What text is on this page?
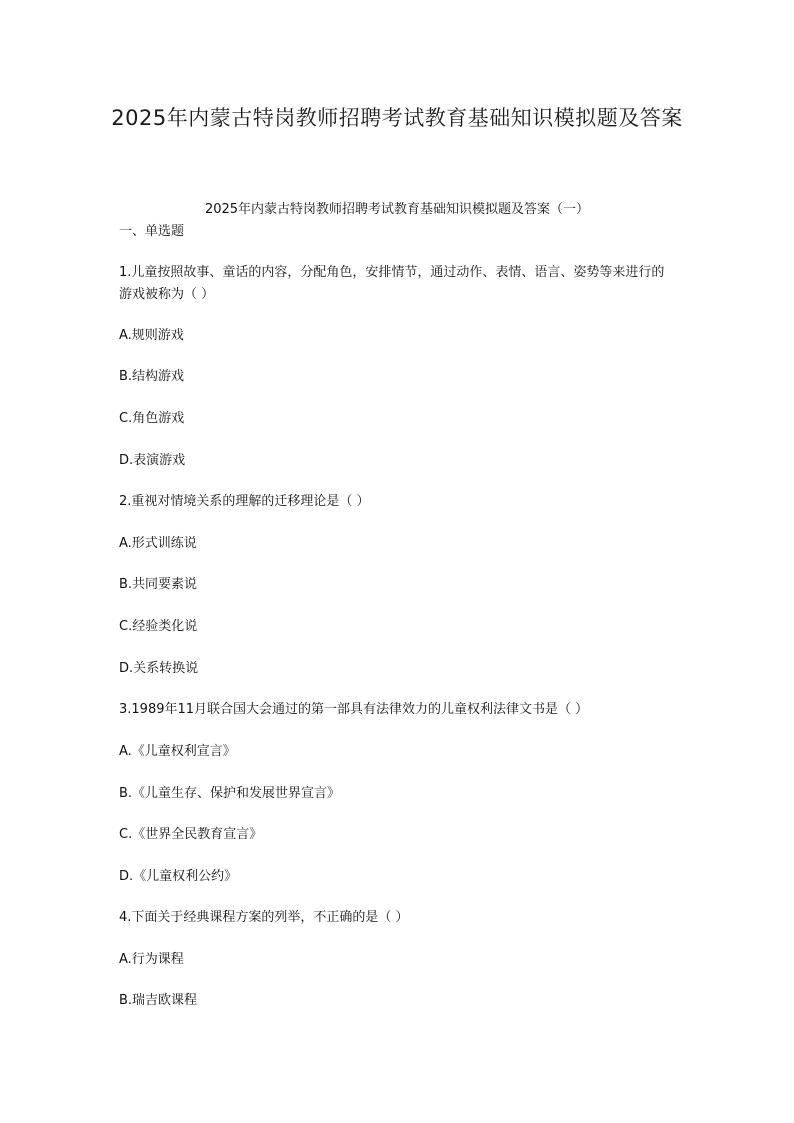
2025年内蒙古特岗教师招聘考试教育基础知识模拟题及答案
2025年内蒙古特岗教师招聘考试教育基础知识模拟题及答案（一）
一、单选题
1.儿童按照故事、童话的内容，分配角色，安排情节，通过动作、表情、语言、姿势等来进行的游戏被称为（ ）
A.规则游戏
B.结构游戏
C.角色游戏
D.表演游戏
2.重视对情境关系的理解的迁移理论是（ ）
A.形式训练说
B.共同要素说
C.经验类化说
D.关系转换说
3.1989年11月联合国大会通过的第一部具有法律效力的儿童权利法律文书是（ ）
A.《儿童权利宣言》
B.《儿童生存、保护和发展世界宣言》
C.《世界全民教育宣言》
D.《儿童权利公约》
4.下面关于经典课程方案的列举，不正确的是（ ）
A.行为课程
B.瑞吉欧课程
